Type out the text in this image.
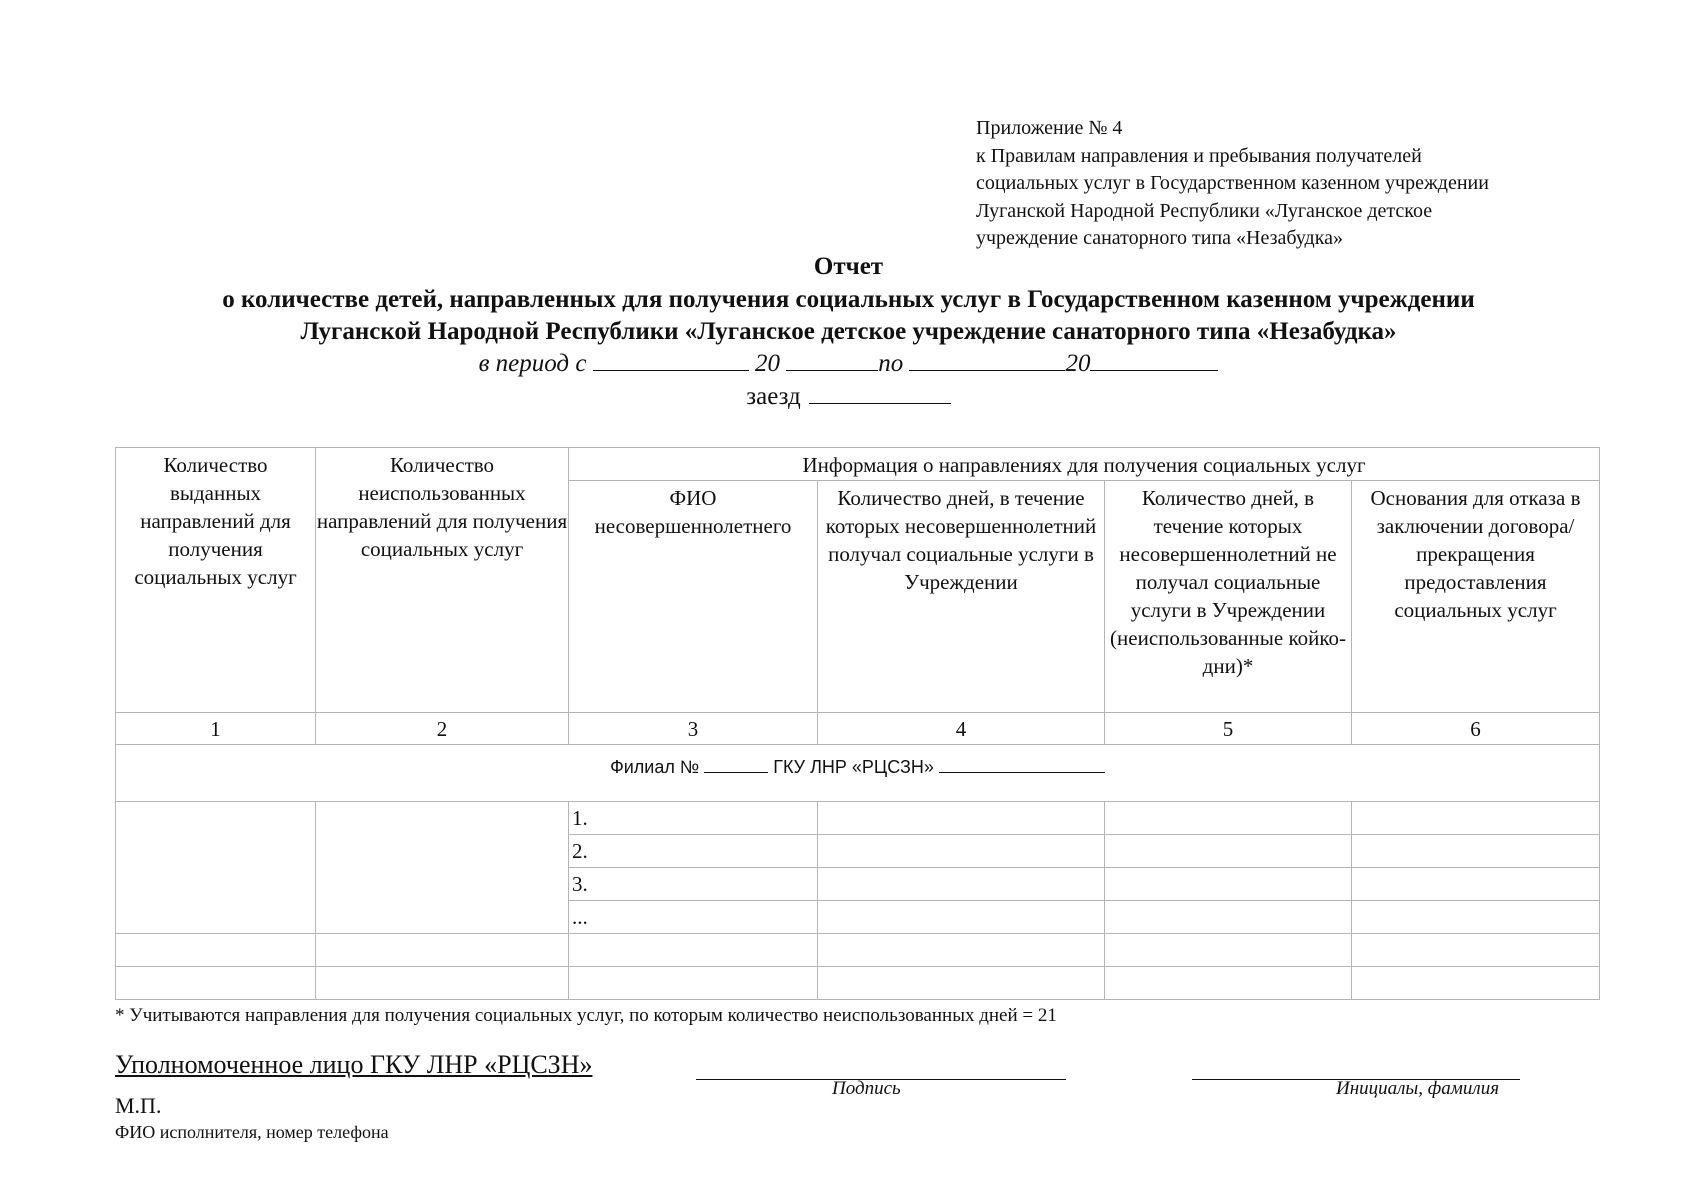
Приложение № 4
к Правилам направления и пребывания получателей
социальных услуг в Государственном казенном учреждении
Луганской Народной Республики «Луганское детское
учреждение санаторного типа «Незабудка»
Отчет
о количестве детей, направленных для получения социальных услуг в Государственном казенном учреждении
Луганской Народной Республики «Луганское детское учреждение санаторного типа «Незабудка»
в период с	20	по	20
заезд
Количество выданных направлений для получения социальных услуг	Количество неиспользованных направлений для получения социальных услуг	Информация о направлениях для получения социальных услуг			
		ФИО несовершеннолетнего	Количество дней, в течение которых несовершеннолетний получал социальные услуги в Учреждении	Количество дней, в течение которых несовершеннолетний не получал социальные услуги в Учреждении (неиспользованные койко-дни)*	Основания для отказа в заключении договора/прекращения предоставления социальных услуг
1	2	3	4	5	6

Филиал № ГКУ ЛНР «РЦСЗН»					

		1.			
		2.			
		3.			
		...			

* Учитываются направления для получения социальных услуг, по которым количество неиспользованных дней = 21
Уполномоченное лицо ГКУ ЛНР «РЦСЗН»
Подпись	Инициалы, фамилия
М.П.
ФИО исполнителя, номер телефона
